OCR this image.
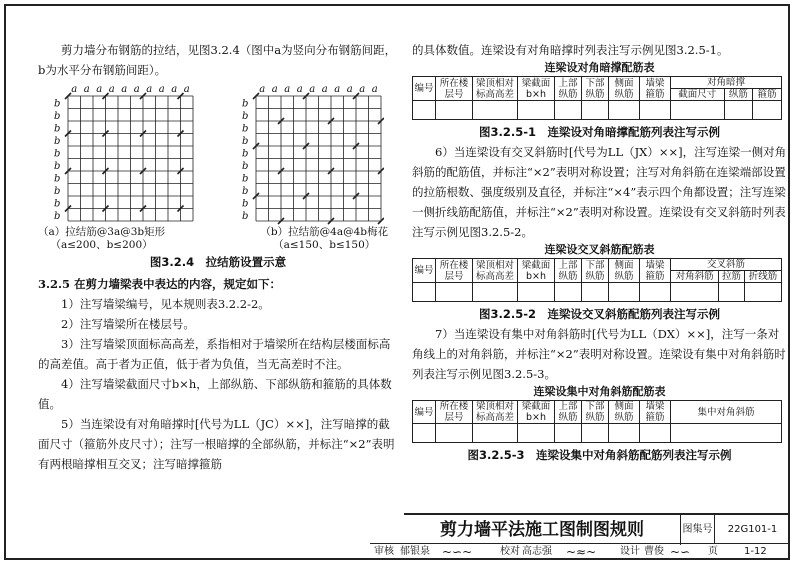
剪力墙分布钢筋的拉结，见图3.2.4（图中a为竖向分布钢筋间距，b为水平分布钢筋间距）。

a
b
a
b
a
b
a
b
a
b
a
b
a
b
a
b
a
b
a
b
a
b
a
b
a
b
a
b
a
b
a
b
a
b
a
b
a
b
a
b
（a）拉结筋@3a@3b矩形
（a≤200、b≤200）
（b）拉结筋@4a@4b梅花
（a≤150、b≤150）

图3.2.4　拉结筋设置示意

3.2.5 在剪力墙梁表中表达的内容，规定如下：

1）注写墙梁编号，见本规则表3.2.2-2。

2）注写墙梁所在楼层号。

3）注写墙梁顶面标高高差，系指相对于墙梁所在结构层楼面标高的高差值。高于者为正值，低于者为负值，当无高差时不注。

4）注写墙梁截面尺寸b×h，上部纵筋、下部纵筋和箍筋的具体数值。

5）当连梁设有对角暗撑时[代号为LL（JC）××]，注写暗撑的截面尺寸（箍筋外皮尺寸）；注写一根暗撑的全部纵筋，并标注“×2”表明有两根暗撑相互交叉；注写暗撑箍筋

的具体数值。连梁设有对角暗撑时列表注写示例见图3.2.5-1。

连梁设对角暗撑配筋表
编号	所在楼层号	梁顶相对标高高差	梁截面b×h	上部纵筋	下部纵筋	侧面纵筋	墙梁箍筋	对角暗撑		
								截面尺寸	纵筋	箍筋

图3.2.5-1　连梁设对角暗撑配筋列表注写示例

6）当连梁设有交叉斜筋时[代号为LL（JX）××]，注写连梁一侧对角斜筋的配筋值，并标注“×2”表明对称设置；注写对角斜筋在连梁端部设置的拉筋根数、强度级别及直径，并标注“×4”表示四个角都设置；注写连梁一侧折线筋配筋值，并标注“×2”表明对称设置。连梁设有交叉斜筋时列表注写示例见图3.2.5-2。

连梁设交叉斜筋配筋表
编号	所在楼层号	梁顶相对标高高差	梁截面b×h	上部纵筋	下部纵筋	侧面纵筋	墙梁箍筋	交叉斜筋		
								对角斜筋	拉筋	折线筋

图3.2.5-2　连梁设交叉斜筋配筋列表注写示例

7）当连梁设有集中对角斜筋时[代号为LL（DX）××]，注写一条对角线上的对角斜筋，并标注“×2”表明对称设置。连梁设有集中对角斜筋时列表注写示例见图3.2.5-3。

连梁设集中对角斜筋配筋表
编号	所在楼层号	梁顶相对标高高差	梁截面b×h	上部纵筋	下部纵筋	侧面纵筋	墙梁箍筋	集中对角斜筋

图3.2.5-3　连梁设集中对角斜筋配筋列表注写示例

剪力墙平法施工图制图规则	图集号	22G101-1
审核 郁银泉 ~∽~	校对 高志强 ~≈~ 设计 曹俊 ~∽ 页	1-12
